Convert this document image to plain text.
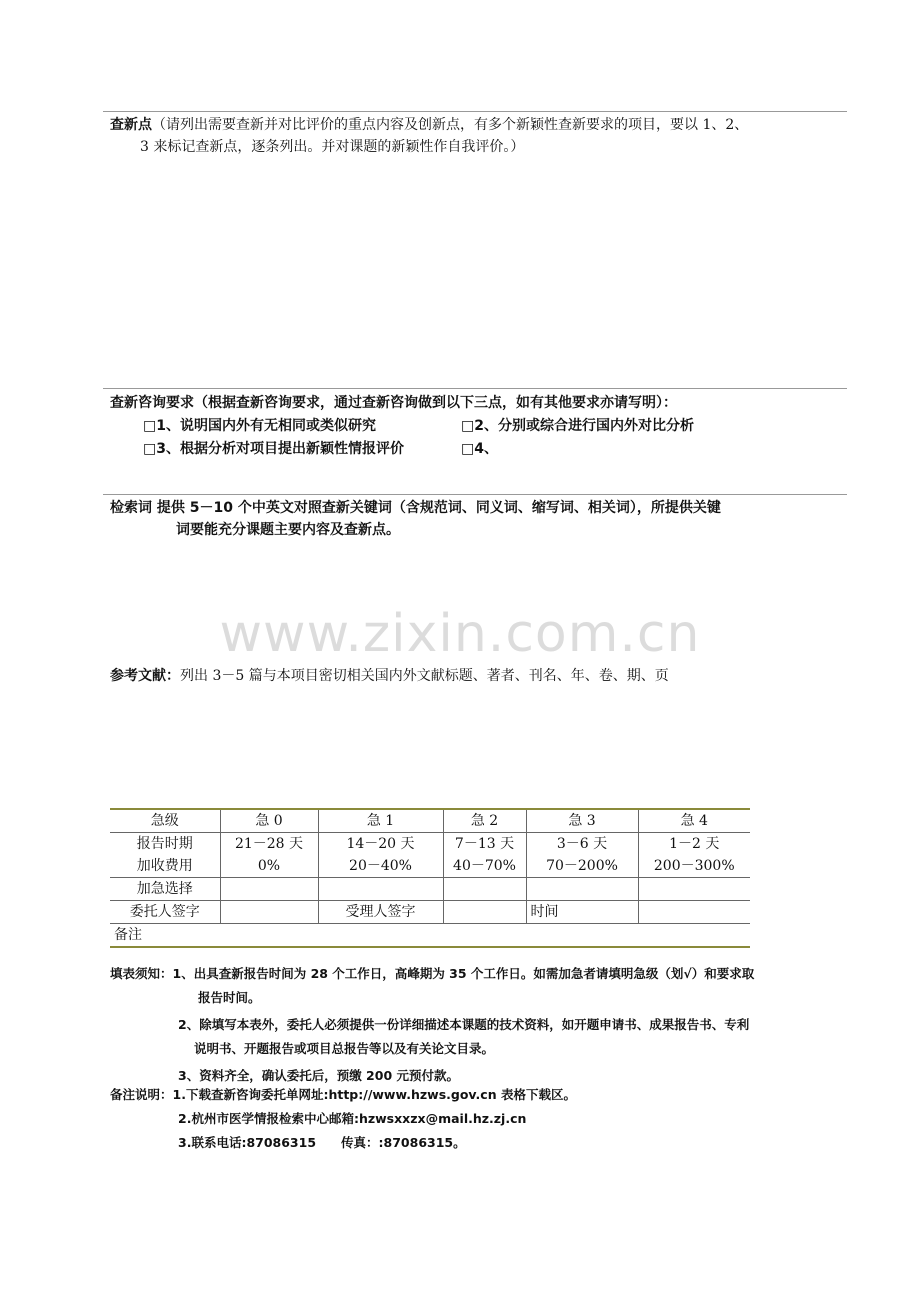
查新点（请列出需要查新并对比评价的重点内容及创新点，有多个新颖性查新要求的项目，要以 1、2、
3 来标记查新点，逐条列出。并对课题的新颖性作自我评价。）
查新咨询要求（根据查新咨询要求，通过查新咨询做到以下三点，如有其他要求亦请写明）：
□1、说明国内外有无相同或类似研究	□2、分别或综合进行国内外对比分析
□3、根据分析对项目提出新颖性情报评价	□4、
检索词 提供 5－10 个中英文对照查新关键词（含规范词、同义词、缩写词、相关词），所提供关键
词要能充分课题主要内容及查新点。
www.zixin.com.cn
参考文献：列出 3－5 篇与本项目密切相关国内外文献标题、著者、刊名、年、卷、期、页
急级	急 0	急 1	急 2	急 3	急 4
报告时期	21－28 天	14－20 天	7－13 天	3－6 天	1－2 天
加收费用	0%	20－40%	40－70%	70－200%	200－300%
加急选择					
委托人签字		受理人签字		时间	
备注					
填表须知：1、出具查新报告时间为 28 个工作日，高峰期为 35 个工作日。如需加急者请填明急级（划√）和要求取
报告时间。
2、除填写本表外，委托人必须提供一份详细描述本课题的技术资料，如开题申请书、成果报告书、专利
说明书、开题报告或项目总报告等以及有关论文目录。
3、资料齐全，确认委托后，预缴 200 元预付款。
备注说明：1.下载查新咨询委托单网址:http://www.hzws.gov.cn 表格下载区。
2.杭州市医学情报检索中心邮箱:hzwsxxzx@mail.hz.zj.cn
3.联系电话:87086315　　传真：:87086315。
